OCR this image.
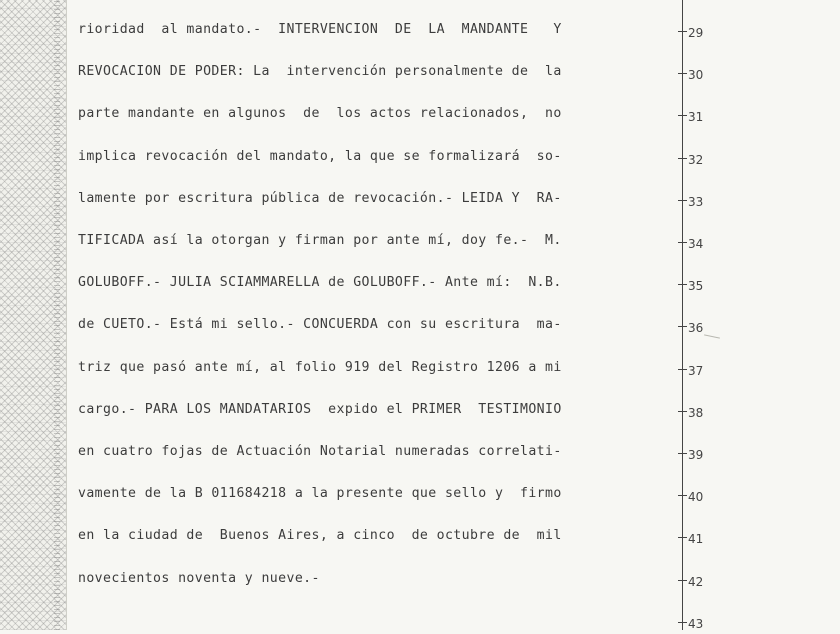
rioridad  al mandato.-  INTERVENCION  DE  LA  MANDANTE   Y	29
REVOCACION DE PODER: La  intervención personalmente de  la	30
parte mandante en algunos  de  los actos relacionados,  no	31
implica revocación del mandato, la que se formalizará  so-	32
lamente por escritura pública de revocación.- LEIDA Y  RA-	33
TIFICADA así la otorgan y firman por ante mí, doy fe.-  M.	34
GOLUBOFF.- JULIA SCIAMMARELLA de GOLUBOFF.- Ante mí:  N.B.	35
de CUETO.- Está mi sello.- CONCUERDA con su escritura  ma-	36
triz que pasó ante mí, al folio 919 del Registro 1206 a mi	37
cargo.- PARA LOS MANDATARIOS  expido el PRIMER  TESTIMONIO	38
en cuatro fojas de Actuación Notarial numeradas correlati-	39
vamente de la B 011684218 a la presente que sello y  firmo	40
en la ciudad de  Buenos Aires, a cinco  de octubre de  mil	41
novecientos noventa y nueve.-	42
43
